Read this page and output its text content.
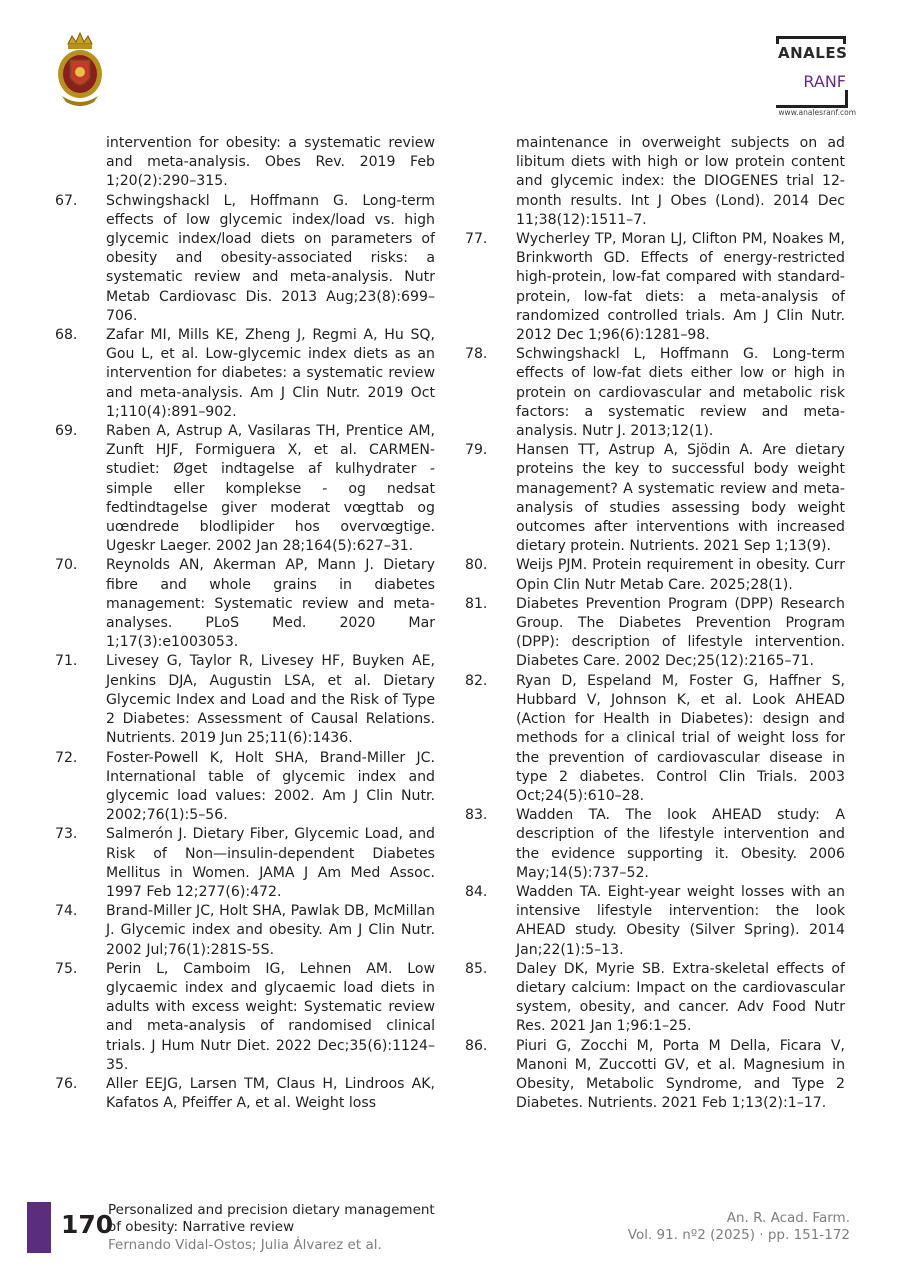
ANALES
RANF
www.analesranf.com

intervention for obesity: a systematic review and meta-analysis. Obes Rev. 2019 Feb 1;20(2):290–315.

67. Schwingshackl L, Hoffmann G. Long-term effects of low glycemic index/load vs. high glycemic index/load diets on parameters of obesity and obesity-associated risks: a systematic review and meta-analysis. Nutr Metab Cardiovasc Dis. 2013 Aug;23(8):699–706.

68. Zafar MI, Mills KE, Zheng J, Regmi A, Hu SQ, Gou L, et al. Low-glycemic index diets as an intervention for diabetes: a systematic review and meta-analysis. Am J Clin Nutr. 2019 Oct 1;110(4):891–902.

69. Raben A, Astrup A, Vasilaras TH, Prentice AM, Zunft HJF, Formiguera X, et al. CARMEN-studiet: Øget indtagelse af kulhydrater - simple eller komplekse - og nedsat fedtindtagelse giver moderat vœgttab og uœndrede blodlipider hos overvœgtige. Ugeskr Laeger. 2002 Jan 28;164(5):627–31.

70. Reynolds AN, Akerman AP, Mann J. Dietary fibre and whole grains in diabetes management: Systematic review and meta-analyses. PLoS Med. 2020 Mar 1;17(3):e1003053.

71. Livesey G, Taylor R, Livesey HF, Buyken AE, Jenkins DJA, Augustin LSA, et al. Dietary Glycemic Index and Load and the Risk of Type 2 Diabetes: Assessment of Causal Relations. Nutrients. 2019 Jun 25;11(6):1436.

72. Foster-Powell K, Holt SHA, Brand-Miller JC. International table of glycemic index and glycemic load values: 2002. Am J Clin Nutr. 2002;76(1):5–56.

73. Salmerón J. Dietary Fiber, Glycemic Load, and Risk of Non—insulin-dependent Diabetes Mellitus in Women. JAMA J Am Med Assoc. 1997 Feb 12;277(6):472.

74. Brand-Miller JC, Holt SHA, Pawlak DB, McMillan J. Glycemic index and obesity. Am J Clin Nutr. 2002 Jul;76(1):281S-5S.

75. Perin L, Camboim IG, Lehnen AM. Low glycaemic index and glycaemic load diets in adults with excess weight: Systematic review and meta-analysis of randomised clinical trials. J Hum Nutr Diet. 2022 Dec;35(6):1124–35.

76. Aller EEJG, Larsen TM, Claus H, Lindroos AK, Kafatos A, Pfeiffer A, et al. Weight loss

maintenance in overweight subjects on ad libitum diets with high or low protein content and glycemic index: the DIOGENES trial 12-month results. Int J Obes (Lond). 2014 Dec 11;38(12):1511–7.

77. Wycherley TP, Moran LJ, Clifton PM, Noakes M, Brinkworth GD. Effects of energy-restricted high-protein, low-fat compared with standard-protein, low-fat diets: a meta-analysis of randomized controlled trials. Am J Clin Nutr. 2012 Dec 1;96(6):1281–98.

78. Schwingshackl L, Hoffmann G. Long-term effects of low-fat diets either low or high in protein on cardiovascular and metabolic risk factors: a systematic review and meta-analysis. Nutr J. 2013;12(1).

79. Hansen TT, Astrup A, Sjödin A. Are dietary proteins the key to successful body weight management? A systematic review and meta-analysis of studies assessing body weight outcomes after interventions with increased dietary protein. Nutrients. 2021 Sep 1;13(9).

80. Weijs PJM. Protein requirement in obesity. Curr Opin Clin Nutr Metab Care. 2025;28(1).

81. Diabetes Prevention Program (DPP) Research Group. The Diabetes Prevention Program (DPP): description of lifestyle intervention. Diabetes Care. 2002 Dec;25(12):2165–71.

82. Ryan D, Espeland M, Foster G, Haffner S, Hubbard V, Johnson K, et al. Look AHEAD (Action for Health in Diabetes): design and methods for a clinical trial of weight loss for the prevention of cardiovascular disease in type 2 diabetes. Control Clin Trials. 2003 Oct;24(5):610–28.

83. Wadden TA. The look AHEAD study: A description of the lifestyle intervention and the evidence supporting it. Obesity. 2006 May;14(5):737–52.

84. Wadden TA. Eight-year weight losses with an intensive lifestyle intervention: the look AHEAD study. Obesity (Silver Spring). 2014 Jan;22(1):5–13.

85. Daley DK, Myrie SB. Extra-skeletal effects of dietary calcium: Impact on the cardiovascular system, obesity, and cancer. Adv Food Nutr Res. 2021 Jan 1;96:1–25.

86. Piuri G, Zocchi M, Porta M Della, Ficara V, Manoni M, Zuccotti GV, et al. Magnesium in Obesity, Metabolic Syndrome, and Type 2 Diabetes. Nutrients. 2021 Feb 1;13(2):1–17.

170
Personalized and precision dietary management of obesity: Narrative review
Fernando Vidal-Ostos; Julia Álvarez et al.
An. R. Acad. Farm.
Vol. 91. nº2 (2025) · pp. 151-172
